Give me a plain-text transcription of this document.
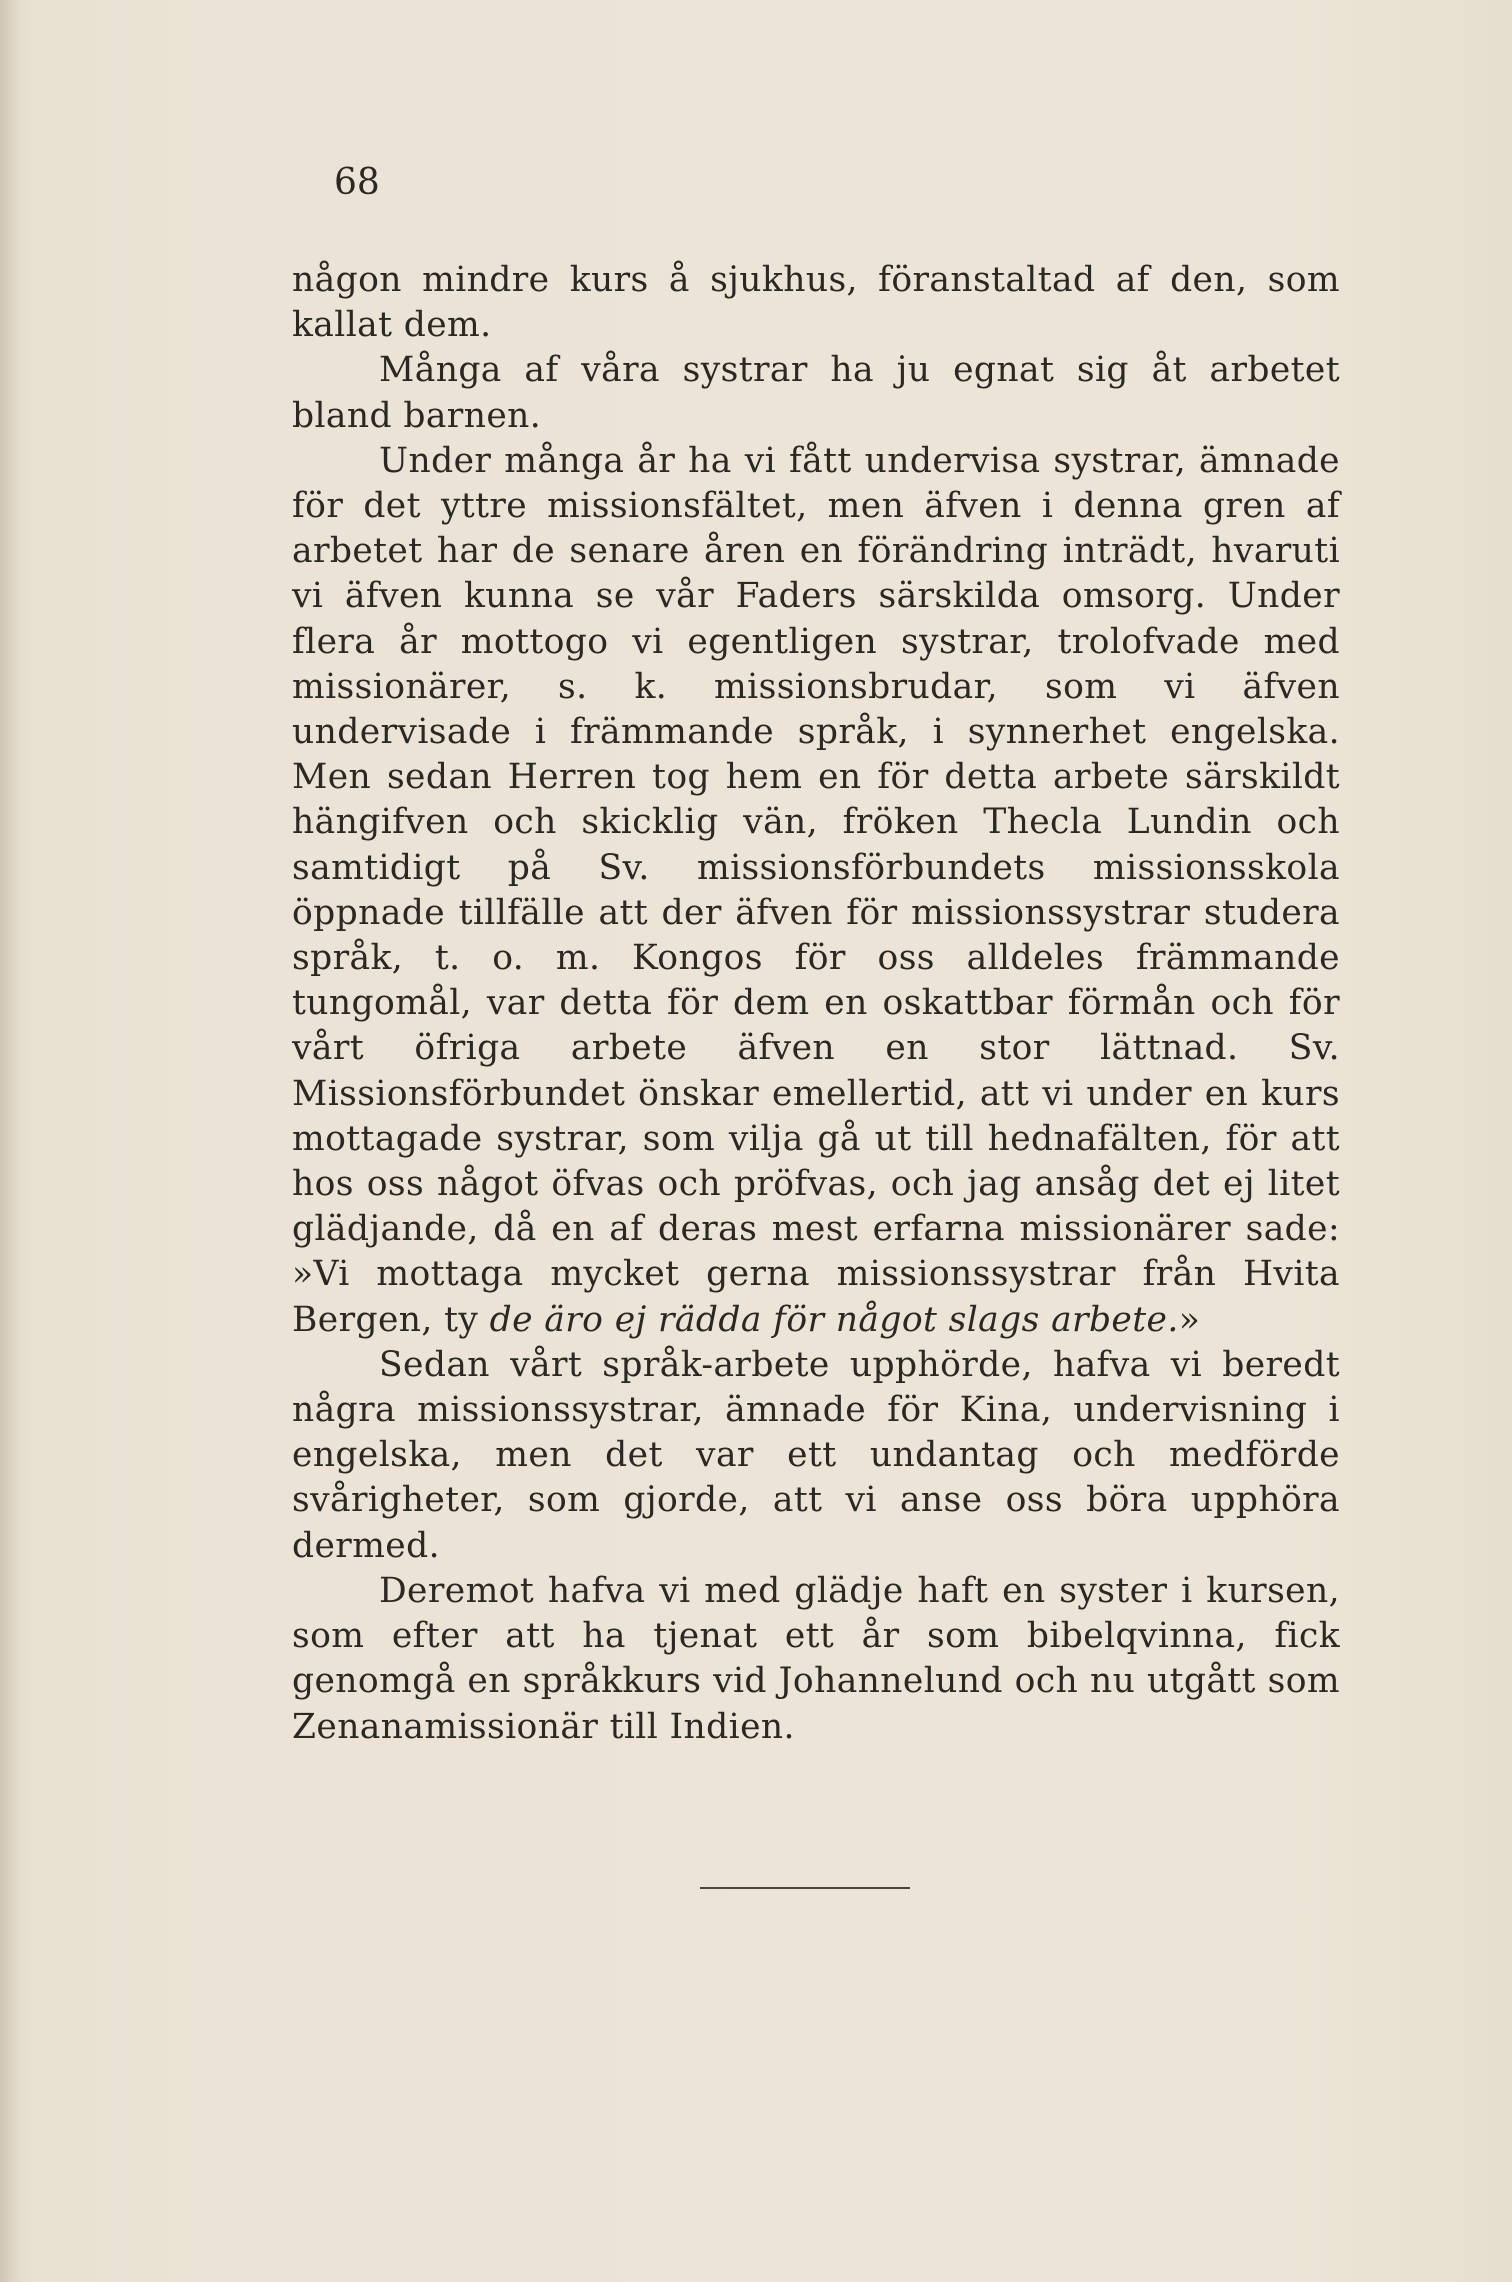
68

någon mindre kurs å sjukhus, föranstaltad af den, som kallat dem.

Många af våra systrar ha ju egnat sig åt arbetet bland barnen.

Under många år ha vi fått undervisa systrar, ämnade för det yttre missionsfältet, men äfven i denna gren af arbetet har de senare åren en förändring inträdt, hvaruti vi äfven kunna se vår Faders särskilda omsorg. Under flera år mottogo vi egentligen systrar, trolofvade med missionärer, s. k. missionsbrudar, som vi äfven undervisade i främmande språk, i synnerhet engelska. Men sedan Herren tog hem en för detta arbete särskildt hängifven och skicklig vän, fröken Thecla Lundin och samtidigt på Sv. missionsförbundets missionsskola öppnade tillfälle att der äfven för missionssystrar studera språk, t. o. m. Kongos för oss alldeles främmande tungomål, var detta för dem en oskattbar förmån och för vårt öfriga arbete äfven en stor lättnad. Sv. Missionsförbundet önskar emellertid, att vi under en kurs mottagade systrar, som vilja gå ut till hednafälten, för att hos oss något öfvas och pröfvas, och jag ansåg det ej litet glädjande, då en af deras mest erfarna missionärer sade: »Vi mottaga mycket gerna missionssystrar från Hvita Bergen, ty de äro ej rädda för något slags arbete.»

Sedan vårt språk-arbete upphörde, hafva vi beredt några missionssystrar, ämnade för Kina, undervisning i engelska, men det var ett undantag och medförde svårigheter, som gjorde, att vi anse oss böra upphöra dermed.

Deremot hafva vi med glädje haft en syster i kursen, som efter att ha tjenat ett år som bibelqvinna, fick genomgå en språkkurs vid Johannelund och nu utgått som Zenanamissionär till Indien.
